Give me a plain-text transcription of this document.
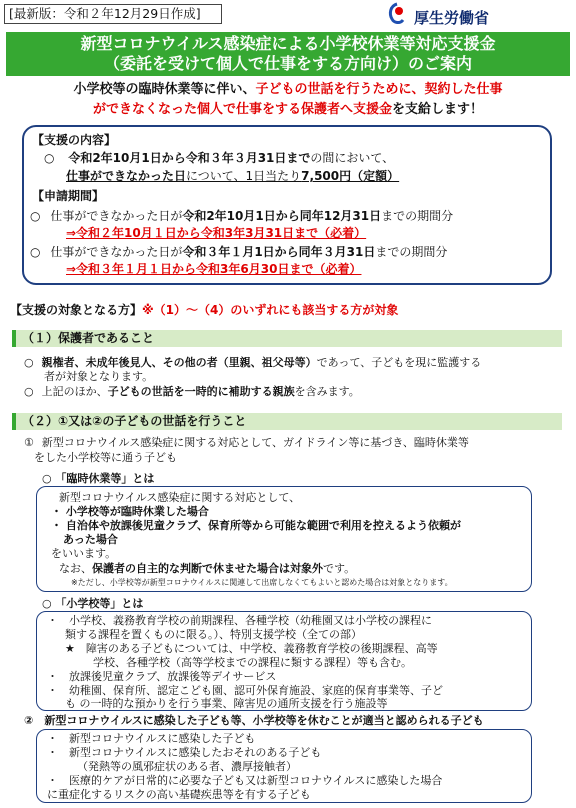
[最新版：令和２年12月29日作成]	厚生労働省
新型コロナウイルス感染症による小学校休業等対応支援金
（委託を受けて個人で仕事をする方向け）のご案内
小学校等の臨時休業等に伴い、子どもの世話を行うために、契約した仕事
ができなくなった個人で仕事をする保護者へ支援金を支給します！
【支援の内容】
○ 令和2年10月1日から令和３年３月31日までの間において、
仕事ができなかった日について、1日当たり7,500円（定額）
【申請期間】
○ 仕事ができなかった日が令和2年10月1日から同年12月31日までの期間分
⇒令和２年10月１日から令和3年3月31日まで（必着）
○ 仕事ができなかった日が令和３年１月1日から同年３月31日までの期間分
⇒令和３年１月１日から令和3年6月30日まで（必着）
【支援の対象となる方】※（1）～（4）のいずれにも該当する方が対象
（１）保護者であること
○ 親権者、未成年後見人、その他の者（里親、祖父母等）であって、子どもを現に監護する
者が対象となります。
○ 上記のほか、子どもの世話を一時的に補助する親族を含みます。
（２）①又は②の子どもの世話を行うこと
① 新型コロナウイルス感染症に関する対応として、ガイドライン等に基づき、臨時休業等
をした小学校等に通う子ども
○ 「臨時休業等」とは
新型コロナウイルス感染症に関する対応として、
・ 小学校等が臨時休業した場合
・ 自治体や放課後児童クラブ、保育所等から可能な範囲で利用を控えるよう依頼が
あった場合
をいいます。
なお、保護者の自主的な判断で休ませた場合は対象外です。
※ただし、小学校等が新型コロナウイルスに関連して出席しなくてもよいと認めた場合は対象となります。
○ 「小学校等」とは
・　小学校、義務教育学校の前期課程、各種学校（幼稚園又は小学校の課程に
類する課程を置くものに限る。）、特別支援学校（全ての部）
★　障害のある子どもについては、中学校、義務教育学校の後期課程、高等
学校、各種学校（高等学校までの課程に類する課程）等も含む。
・　放課後児童クラブ、放課後等デイサービス
・　幼稚園、保育所、認定こども園、認可外保育施設、家庭的保育事業等、子ど
も の一時的な預かりを行う事業、障害児の通所支援を行う施設等
②　新型コロナウイルスに感染した子ども等、小学校等を休むことが適当と認められる子ども
・　新型コロナウイルスに感染した子ども
・　新型コロナウイルスに感染したおそれのある子ども
（発熱等の風邪症状のある者、濃厚接触者）
・　医療的ケアが日常的に必要な子ども又は新型コロナウイルスに感染した場合
に重症化するリスクの高い基礎疾患等を有する子ども
